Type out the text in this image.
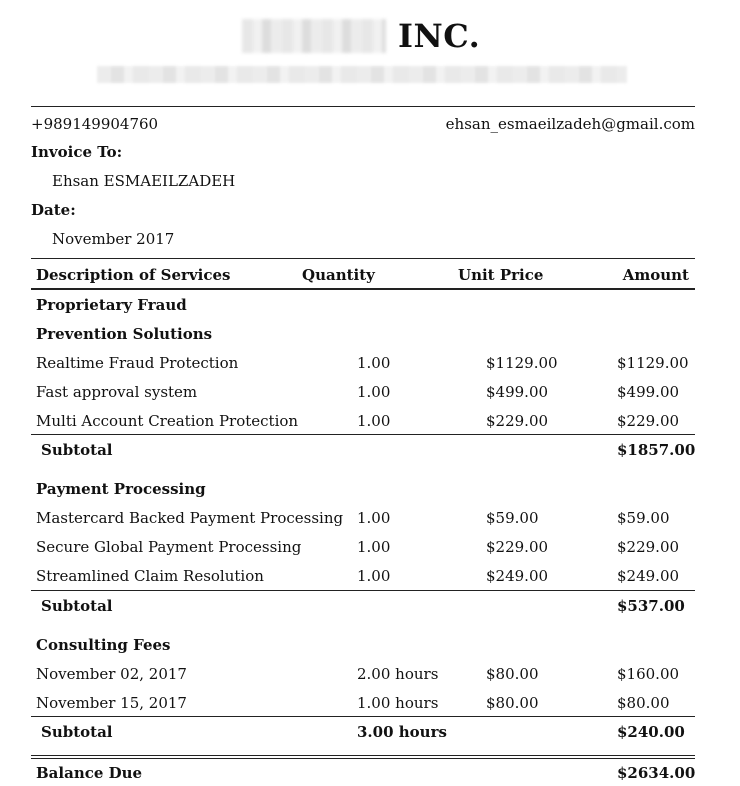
INC.
+989149904760	ehsan_esmaeilzadeh@gmail.com
Invoice To:
Ehsan ESMAEILZADEH
Date:
November 2017
Description of Services	Quantity	Unit Price	Amount
Proprietary Fraud
Prevention Solutions
Realtime Fraud Protection	1.00	$1129.00	$1129.00
Fast approval system	1.00	$499.00	$499.00
Multi Account Creation Protection	1.00	$229.00	$229.00
Subtotal	$1857.00
Payment Processing
Mastercard Backed Payment Processing 1.00	$59.00	$59.00
Secure Global Payment Processing	1.00	$229.00	$229.00
Streamlined Claim Resolution	1.00	$249.00	$249.00
Subtotal	$537.00
Consulting Fees
November 02, 2017	2.00 hours	$80.00	$160.00
November 15, 2017	1.00 hours	$80.00	$80.00
Subtotal	3.00 hours	$240.00
Balance Due	$2634.00
